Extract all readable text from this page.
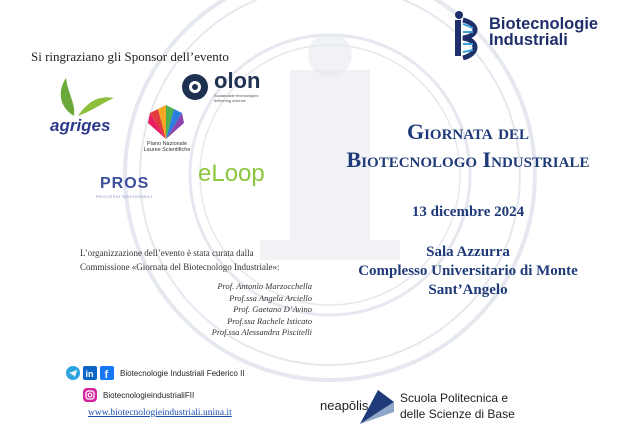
Biotecnologie
Industriali
Si ringraziano gli Sponsor dell’evento
agriges
olon
Sustainable technologies
delivering science
Piano Nazionale
Lauree Scientifiche
PROS
PROCESSI SOSTENIBILI
eLoop
Giornata del
Biotecnologo Industriale
13 dicembre 2024
Sala Azzurra
Complesso Universitario di Monte
Sant’Angelo
L’organizzazione dell’evento è stata curata dalla
Commissione «Giornata del Biotecnologo Industriale»:
Prof. Antonio Marzocchella
Prof.ssa Angela Arciello
Prof. Gaetano D’Avino
Prof.ssa Rachele Isticato
Prof.ssa Alessandra Piscitelli
in f Biotecnologie Industriali Federico II
BiotecnologieindustrialiFII
www.biotecnologieindustriali.unina.it	neapōlis	Scuola Politecnica e
delle Scienze di Base
